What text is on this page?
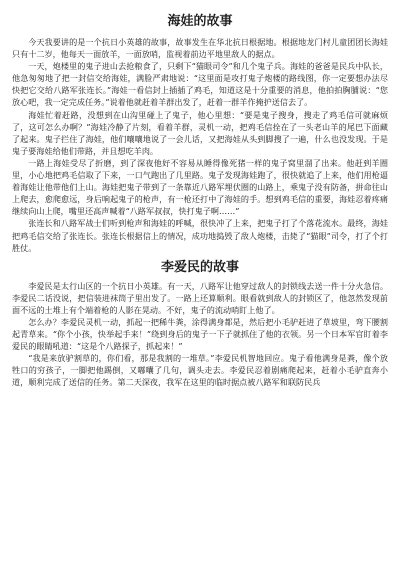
海娃的故事

今天我要讲的是一个抗日小英雄的故事，故事发生在华北抗日根据地。根据地龙门村儿童团团长海娃只有十二岁，他每天一面放羊，一面放哨，监视着前边平地里敌人的据点。

一天，炮楼里的鬼子进山去抢粮食了，只剩下“猫眼司令”和几个鬼子兵。海娃的爸爸是民兵中队长，他急匆匆地了把一封信交给海娃，满脸严肃地说：“这里面是攻打鬼子炮楼的路线图，你一定要想办法尽快把它交给八路军张连长。”海娃一看信封上插插了鸡毛，知道这是十分重要的消息，他拍拍胸脯说：“您放心吧，我一定完成任务。”说着他就赶着羊群出发了，赶着一群羊作掩护送信去了。

海娃忙着赶路，没想到在山沟里碰上了鬼子，他心里想：“要是鬼子搜身，搜走了鸡毛信可就麻烦了，这可怎么办啊？”海娃冷静了片刻，看着羊群，灵机一动，把鸡毛信拴在了一头老山羊的尾巴下面藏了起来。鬼子拦住了海娃，他们嚷嚷地说了一会儿话，又把海娃从头到脚搜了一遍，什么也没发现。于是鬼子要海娃给他们带路，并且想吃羊肉。

一路上海娃受尽了折磨，到了深夜他好不容易从睡得像死猪一样的鬼子窝里溜了出来。他赶到羊圈里，小心地把鸡毛信取了下来，一口气跑出了几里路。鬼子发现海娃跑了，很快就追了上来，他们用枪逼着海娃让他带他们上山。海娃把鬼子带到了一条靠近八路军埋伏圈的山路上，乘鬼子没有防备，拼命往山上爬去，愈爬愈远，身后响起鬼子的枪声，有一枪还打中了海娃的手。想到鸡毛信的重要，海娃忍着疼痛继续向山上爬，嘴里还高声喊着“八路军叔叔，快打鬼子啊……”

张连长和八路军战士们听到枪声和海娃的呼喊，很快冲了上来，把鬼子打了个落花流水。最终，海娃把鸡毛信交给了张连长。张连长根据信上的情况，成功地捣毁了敌人炮楼，击毙了“猫眼”司令，打了个打胜仗。

李爱民的故事

李爱民是太行山区的一个抗日小英雄。有一天，八路军让他穿过敌人的封锁线去送一件十分火急信。李爱民二话没说，把信装进袜筒子里出发了。一路上还算顺利。眼看就到敌人的封锁区了，他忽然发现前面不远的土堆上有个端着枪的人影在晃动。不好，鬼子的流动哨盯上他了。

怎么办？李爱民灵机一动，抓起一把稀牛粪，涂得满身都是，然后把小毛驴赶进了草坡里，弯下腰割起青草来。“你个小孩，快举起手来！”绕到身后的鬼子一下子就抓住了他的衣领。另一个日本军官盯着李爱民的眼睛吼道：“这是个八路探子，抓起来！”

“我是来放驴割草的，你们看，那是我割的一堆草。”李爱民机智地回应。鬼子看他满身是粪，像个放牲口的穷孩子，一脚把他踢倒，又嘟囔了几句，调头走去。李爱民忍着剧痛爬起来，赶着小毛驴直奔小道，顺利完成了送信的任务。第二天深夜，我军在这里的临时据点被八路军和联防民兵
